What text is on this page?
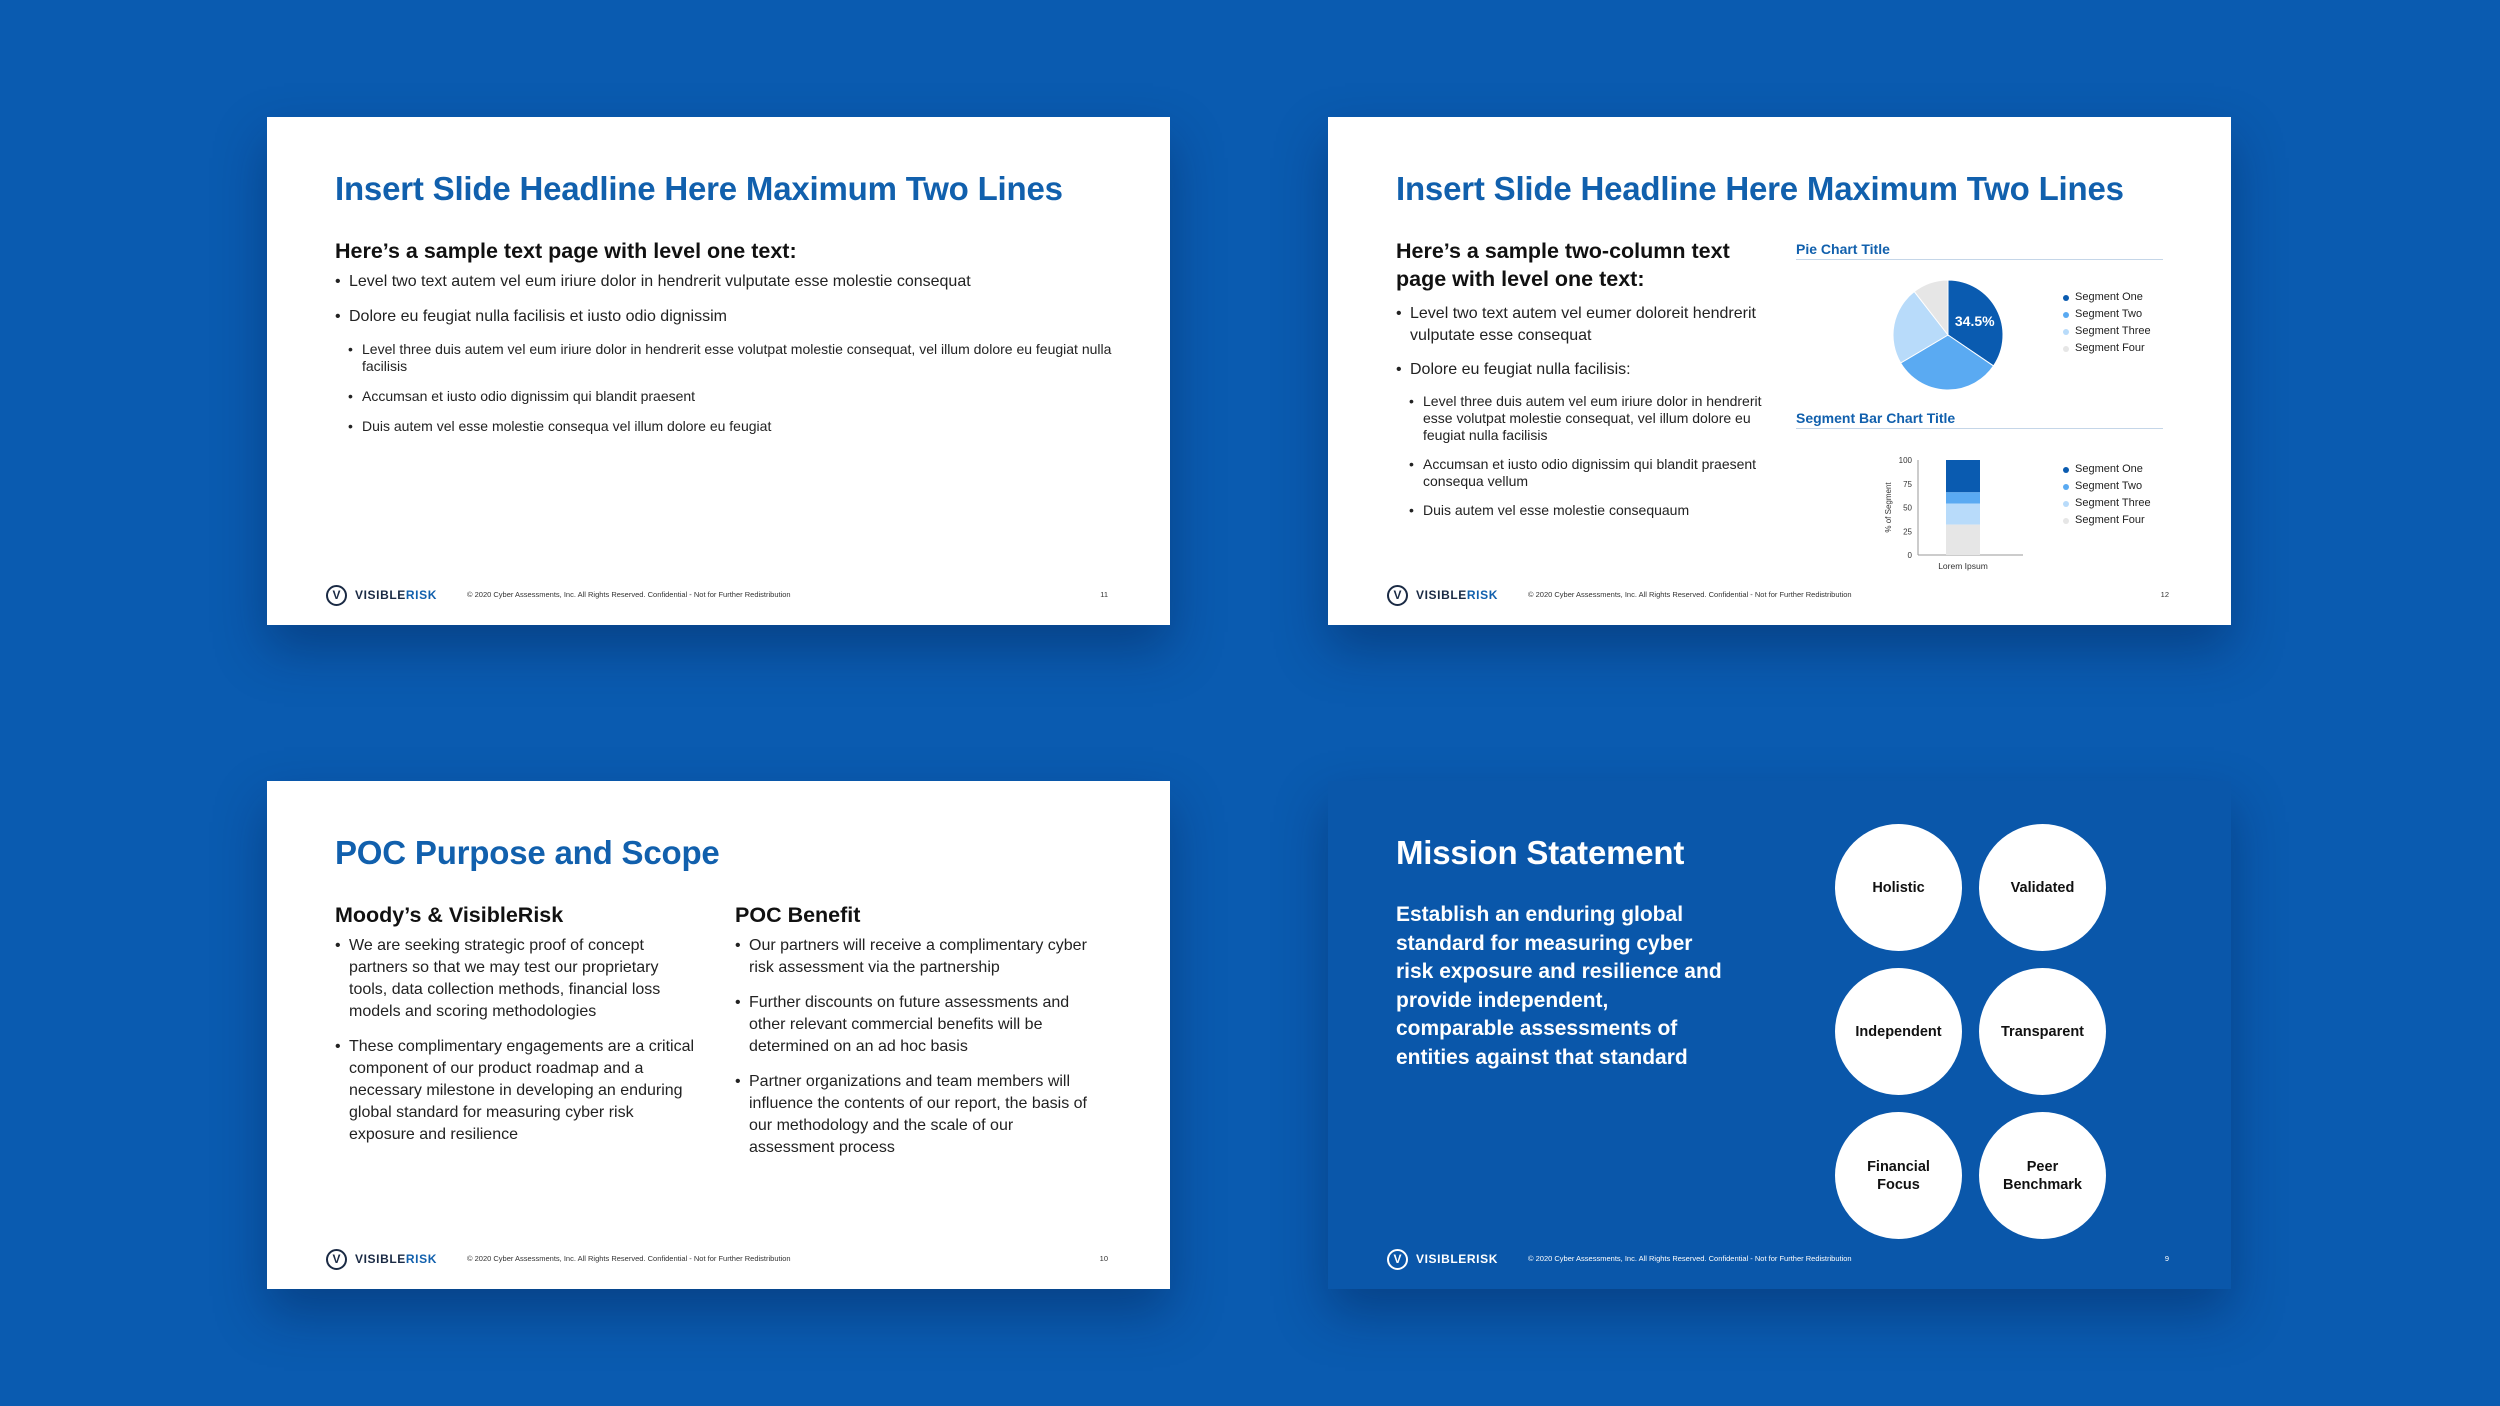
Insert Slide Headline Here Maximum Two Lines
Here’s a sample text page with level one text:
• Level two text autem vel eum iriure dolor in hendrerit vulputate esse molestie consequat
• Dolore eu feugiat nulla facilisis et iusto odio dignissim
• Level three duis autem vel eum iriure dolor in hendrerit esse volutpat molestie consequat, vel illum dolore eu feugiat nulla facilisis
• Accumsan et iusto odio dignissim qui blandit praesent
• Duis autem vel esse molestie consequa vel illum dolore eu feugiat
V	VISIBLERISK	© 2020 Cyber Assessments, Inc. All Rights Reserved. Confidential - Not for Further Redistribution	11
Insert Slide Headline Here Maximum Two Lines
Here’s a sample two-column text page with level one text:
• Level two text autem vel eumer doloreit hendrerit vulputate esse consequat
• Dolore eu feugiat nulla facilisis:
• Level three duis autem vel eum iriure dolor in hendrerit esse volutpat molestie consequat, vel illum dolore eu feugiat nulla facilisis
• Accumsan et iusto odio dignissim qui blandit praesent consequa vellum
• Duis autem vel esse molestie consequaum
Pie Chart Title
34.5%
Segment One
Segment Two
Segment Three
Segment Four
Segment Bar Chart Title
0
25
50
75
100
% of Segment
Lorem Ipsum
Segment One
Segment Two
Segment Three
Segment Four
V	VISIBLERISK	© 2020 Cyber Assessments, Inc. All Rights Reserved. Confidential - Not for Further Redistribution	12
POC Purpose and Scope
Moody’s & VisibleRisk
• We are seeking strategic proof of concept partners so that we may test our proprietary tools, data collection methods, financial loss models and scoring methodologies
• These complimentary engagements are a critical component of our product roadmap and a necessary milestone in developing an enduring global standard for measuring cyber risk exposure and resilience
POC Benefit
• Our partners will receive a complimentary cyber risk assessment via the partnership
• Further discounts on future assessments and other relevant commercial benefits will be determined on an ad hoc basis
• Partner organizations and team members will influence the contents of our report, the basis of our methodology and the scale of our assessment process
V	VISIBLERISK	© 2020 Cyber Assessments, Inc. All Rights Reserved. Confidential - Not for Further Redistribution	10
Mission Statement
Establish an enduring global standard for measuring cyber risk exposure and resilience and provide independent, comparable assessments of entities against that standard
Holistic	Validated
Independent	Transparent
Financial Focus
Peer Benchmark
V	VISIBLERISK	© 2020 Cyber Assessments, Inc. All Rights Reserved. Confidential - Not for Further Redistribution	9
